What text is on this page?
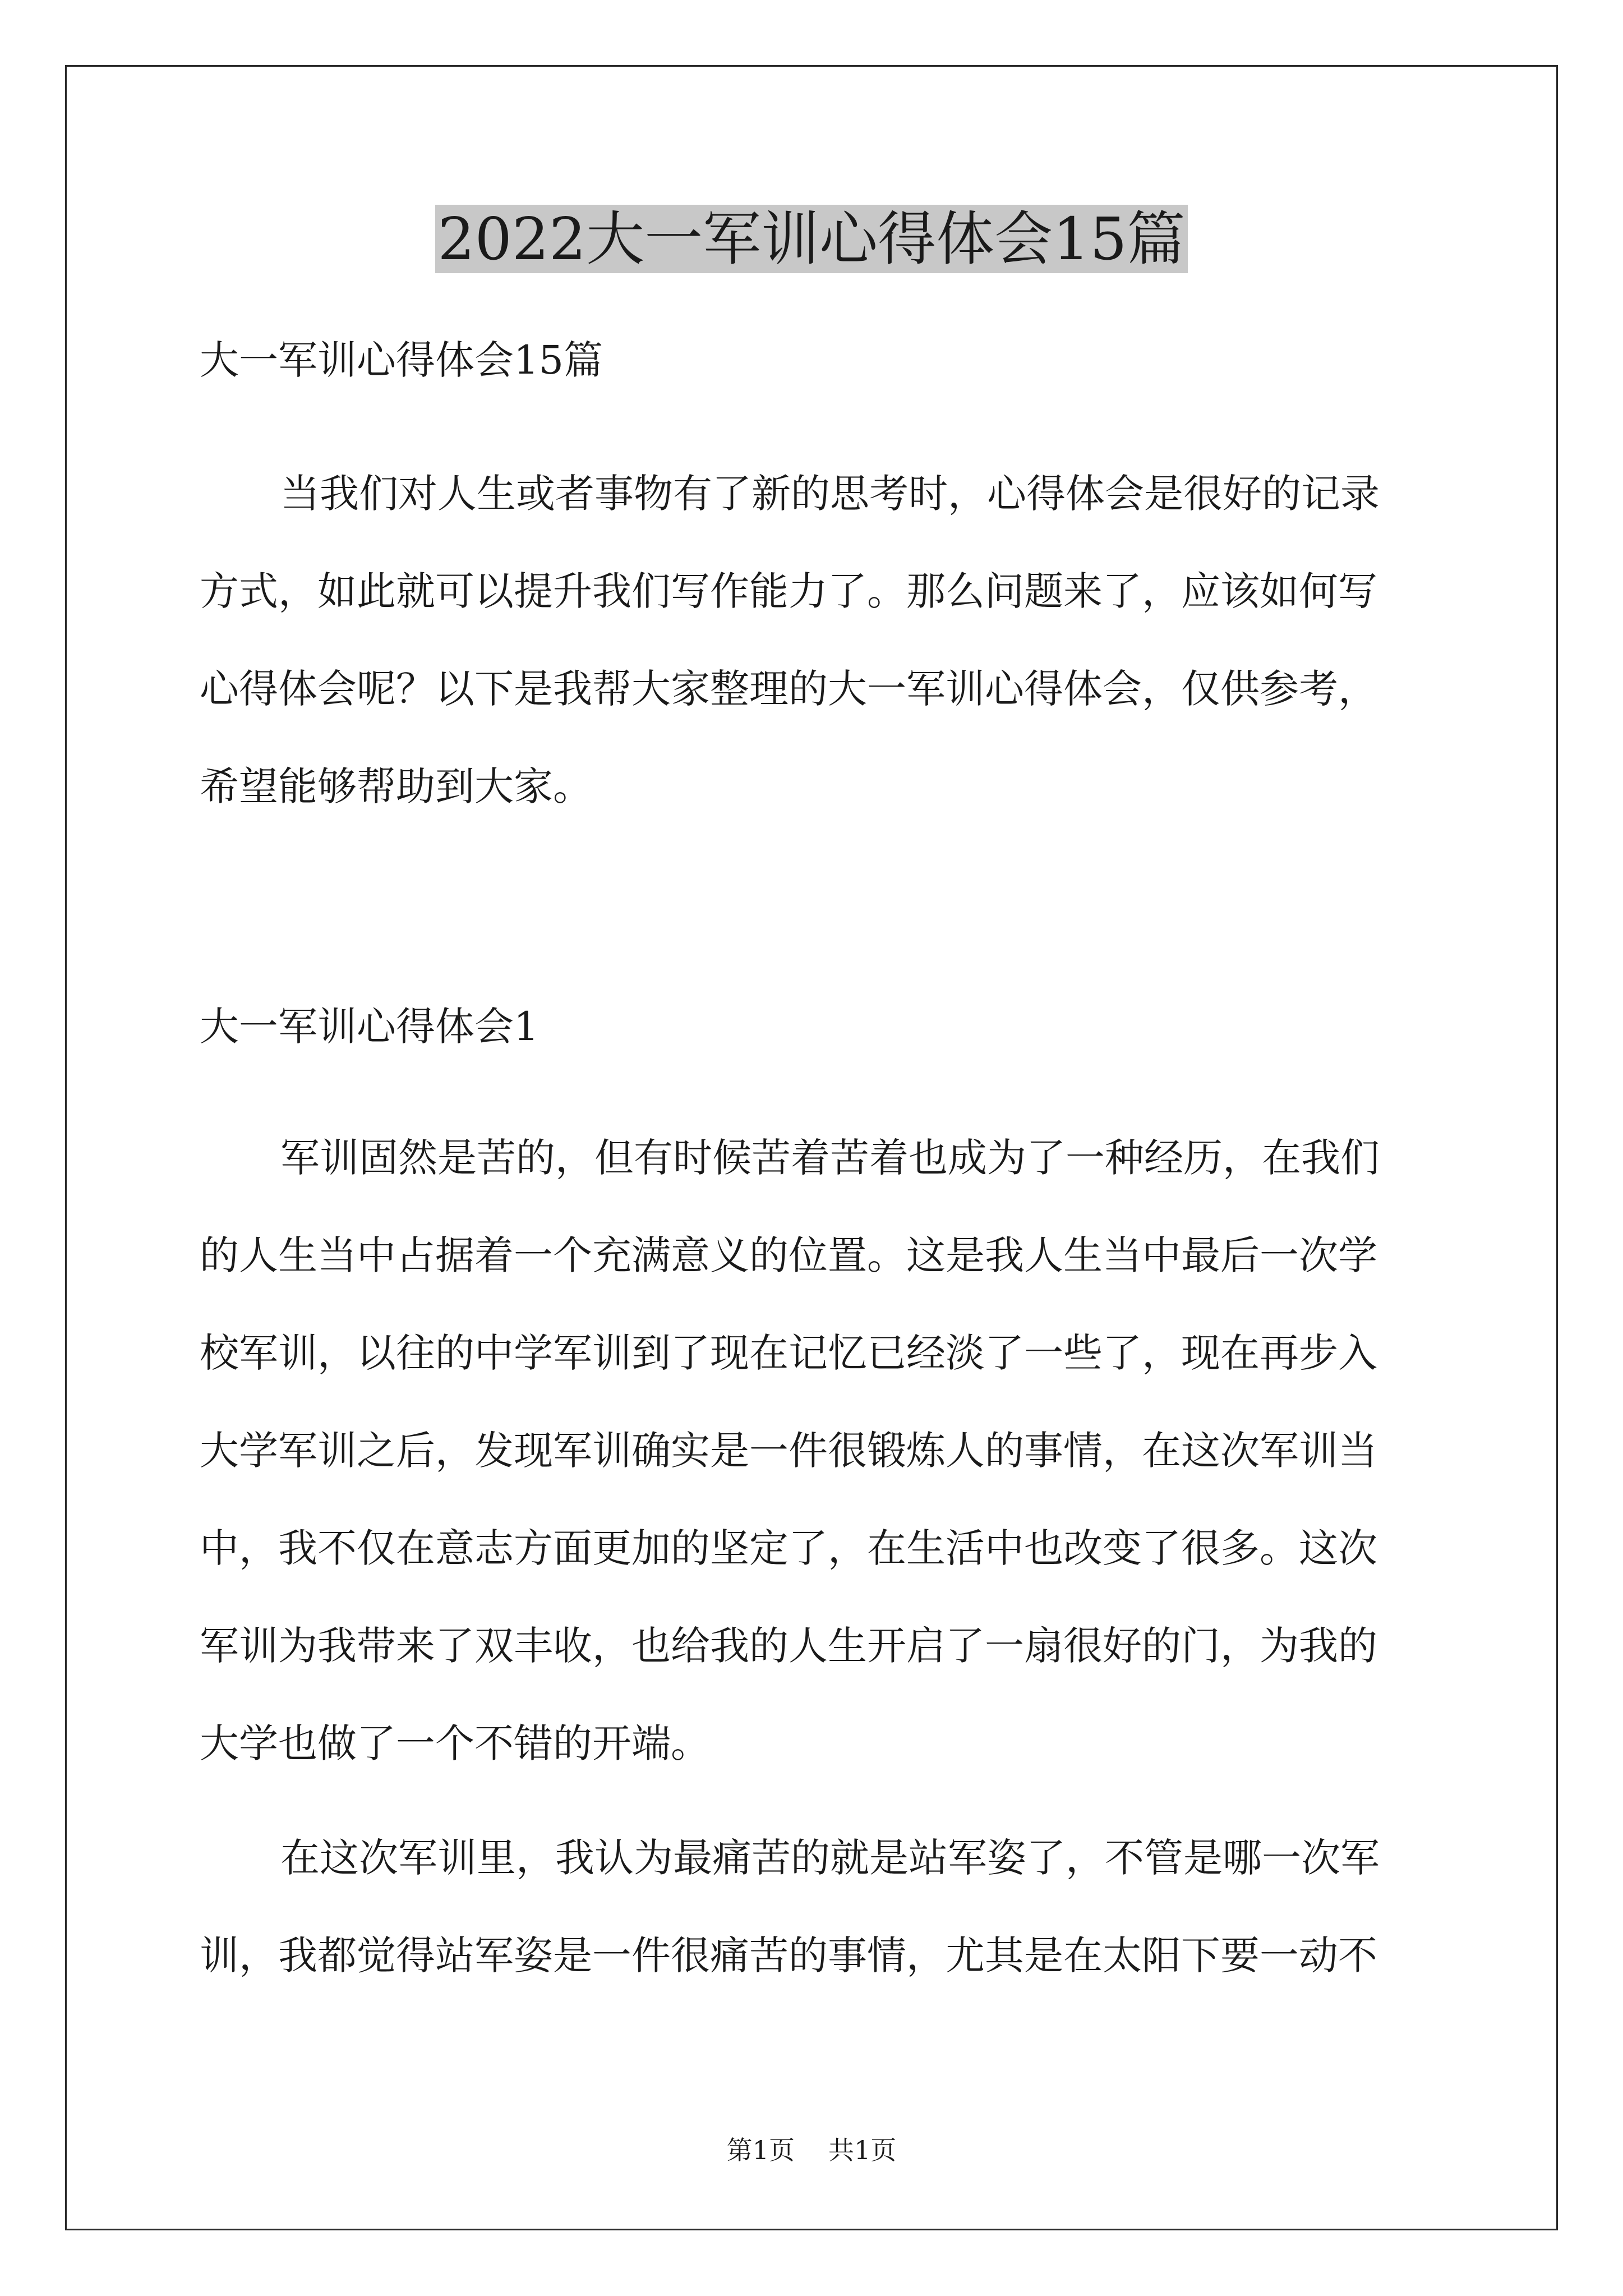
2022大一军训心得体会15篇

大一军训心得体会15篇

当我们对人生或者事物有了新的思考时，心得体会是很好的记录

方式，如此就可以提升我们写作能力了。那么问题来了，应该如何写

心得体会呢？以下是我帮大家整理的大一军训心得体会，仅供参考，

希望能够帮助到大家。

大一军训心得体会1

军训固然是苦的，但有时候苦着苦着也成为了一种经历，在我们

的人生当中占据着一个充满意义的位置。这是我人生当中最后一次学

校军训，以往的中学军训到了现在记忆已经淡了一些了，现在再步入

大学军训之后，发现军训确实是一件很锻炼人的事情，在这次军训当

中，我不仅在意志方面更加的坚定了，在生活中也改变了很多。这次

军训为我带来了双丰收，也给我的人生开启了一扇很好的门，为我的

大学也做了一个不错的开端。

在这次军训里，我认为最痛苦的就是站军姿了，不管是哪一次军

训，我都觉得站军姿是一件很痛苦的事情，尤其是在太阳下要一动不

第1页 共1页
